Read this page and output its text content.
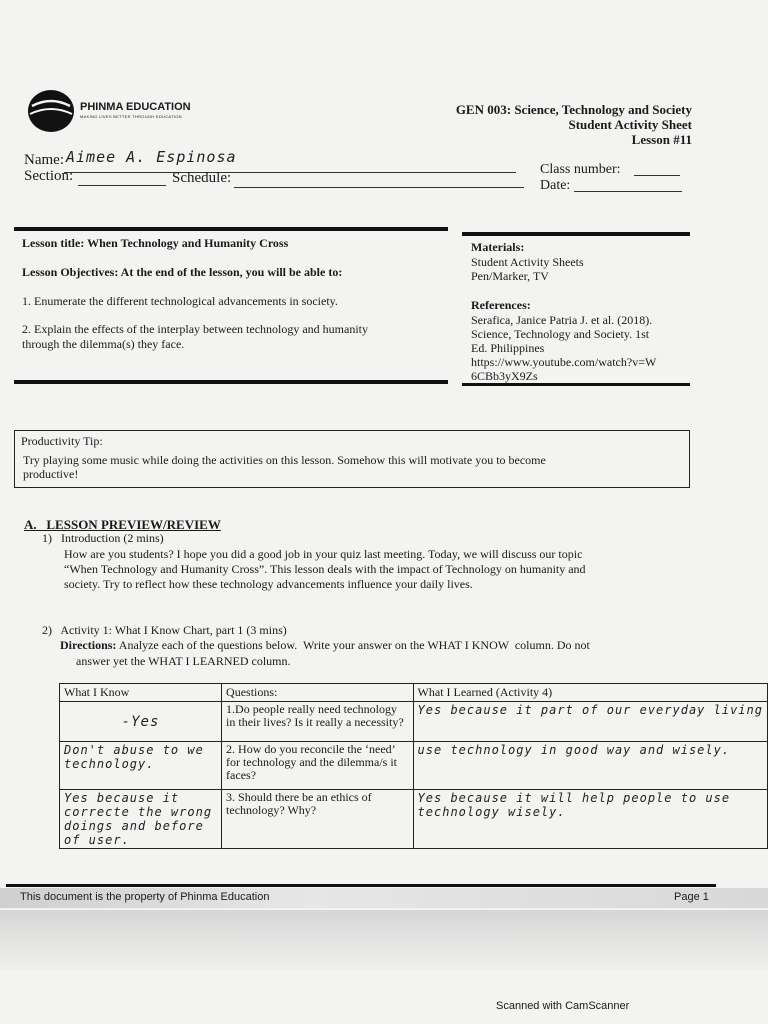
PHINMA EDUCATION
MAKING LIVES BETTER THROUGH EDUCATION	GEN 003: Science, Technology and Society
Student Activity Sheet
Lesson #11
Name: Aimee A. Espinosa
Section:	Schedule:
Class number:
Date:
Lesson title: When Technology and Humanity Cross
Lesson Objectives: At the end of the lesson, you will be able to:
1. Enumerate the different technological advancements in society.
2. Explain the effects of the interplay between technology and humanity
through the dilemma(s) they face.
Materials:
Student Activity Sheets
Pen/Marker, TV
References:
Serafica, Janice Patria J. et al. (2018).
Science, Technology and Society. 1st
Ed. Philippines
https://www.youtube.com/watch?v=W
6CBb3yX9Zs
Productivity Tip:
Try playing some music while doing the activities on this lesson. Somehow this will motivate you to become
productive!
A.   LESSON PREVIEW/REVIEW
1)   Introduction (2 mins)
How are you students? I hope you did a good job in your quiz last meeting. Today, we will discuss our topic
“When Technology and Humanity Cross”. This lesson deals with the impact of Technology on humanity and
society. Try to reflect how these technology advancements influence your daily lives.
2)   Activity 1: What I Know Chart, part 1 (3 mins)
Directions: Analyze each of the questions below.  Write your answer on the WHAT I KNOW  column. Do not
answer yet the WHAT I LEARNED column.
What I Know	Questions:	What I Learned (Activity 4)
-Yes	1.Do people really need technology in their lives? Is it really a necessity?	Yes because it part of our everyday living
Don't abuse to we technology.	2. How do you reconcile the ‘need’ for technology and the dilemma/s it faces?	use technology in good way and wisely.
Yes because it correcte the wrong doings and before of user.	3. Should there be an ethics of technology? Why?	Yes because it will help people to use technology wisely.
This document is the property of Phinma Education	Page 1
Scanned with CamScanner
